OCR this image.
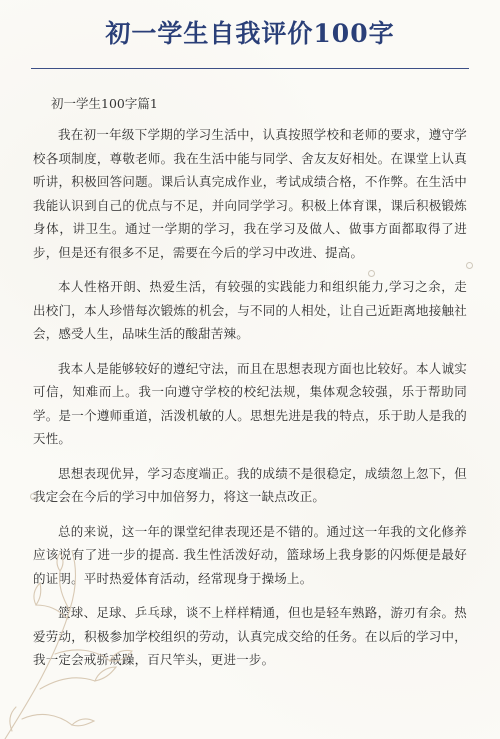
初一学生自我评价100字
初一学生100字篇1

我在初一年级下学期的学习生活中，认真按照学校和老师的要求，遵守学校各项制度，尊敬老师。我在生活中能与同学、舍友友好相处。在课堂上认真听讲，积极回答问题。课后认真完成作业，考试成绩合格，不作弊。在生活中我能认识到自己的优点与不足，并向同学学习。积极上体育课，课后积极锻炼身体，讲卫生。通过一学期的学习，我在学习及做人、做事方面都取得了进步，但是还有很多不足，需要在今后的学习中改进、提高。

本人性格开朗、热爱生活，有较强的实践能力和组织能力,学习之余，走出校门，本人珍惜每次锻炼的机会，与不同的人相处，让自己近距离地接触社会，感受人生，品味生活的酸甜苦辣。

我本人是能够较好的遵纪守法，而且在思想表现方面也比较好。本人诚实可信，知难而上。我一向遵守学校的校纪法规，集体观念较强，乐于帮助同学。是一个遵师重道，活泼机敏的人。思想先进是我的特点，乐于助人是我的天性。

思想表现优异，学习态度端正。我的成绩不是很稳定，成绩忽上忽下，但我定会在今后的学习中加倍努力，将这一缺点改正。

总的来说，这一年的课堂纪律表现还是不错的。通过这一年我的文化修养应该说有了进一步的提高. 我生性活泼好动，篮球场上我身影的闪烁便是最好的证明。平时热爱体育活动，经常现身于操场上。

篮球、足球、乒乓球，谈不上样样精通，但也是轻车熟路，游刃有余。热爱劳动，积极参加学校组织的劳动，认真完成交给的任务。在以后的学习中，我一定会戒骄戒躁，百尺竿头，更进一步。
